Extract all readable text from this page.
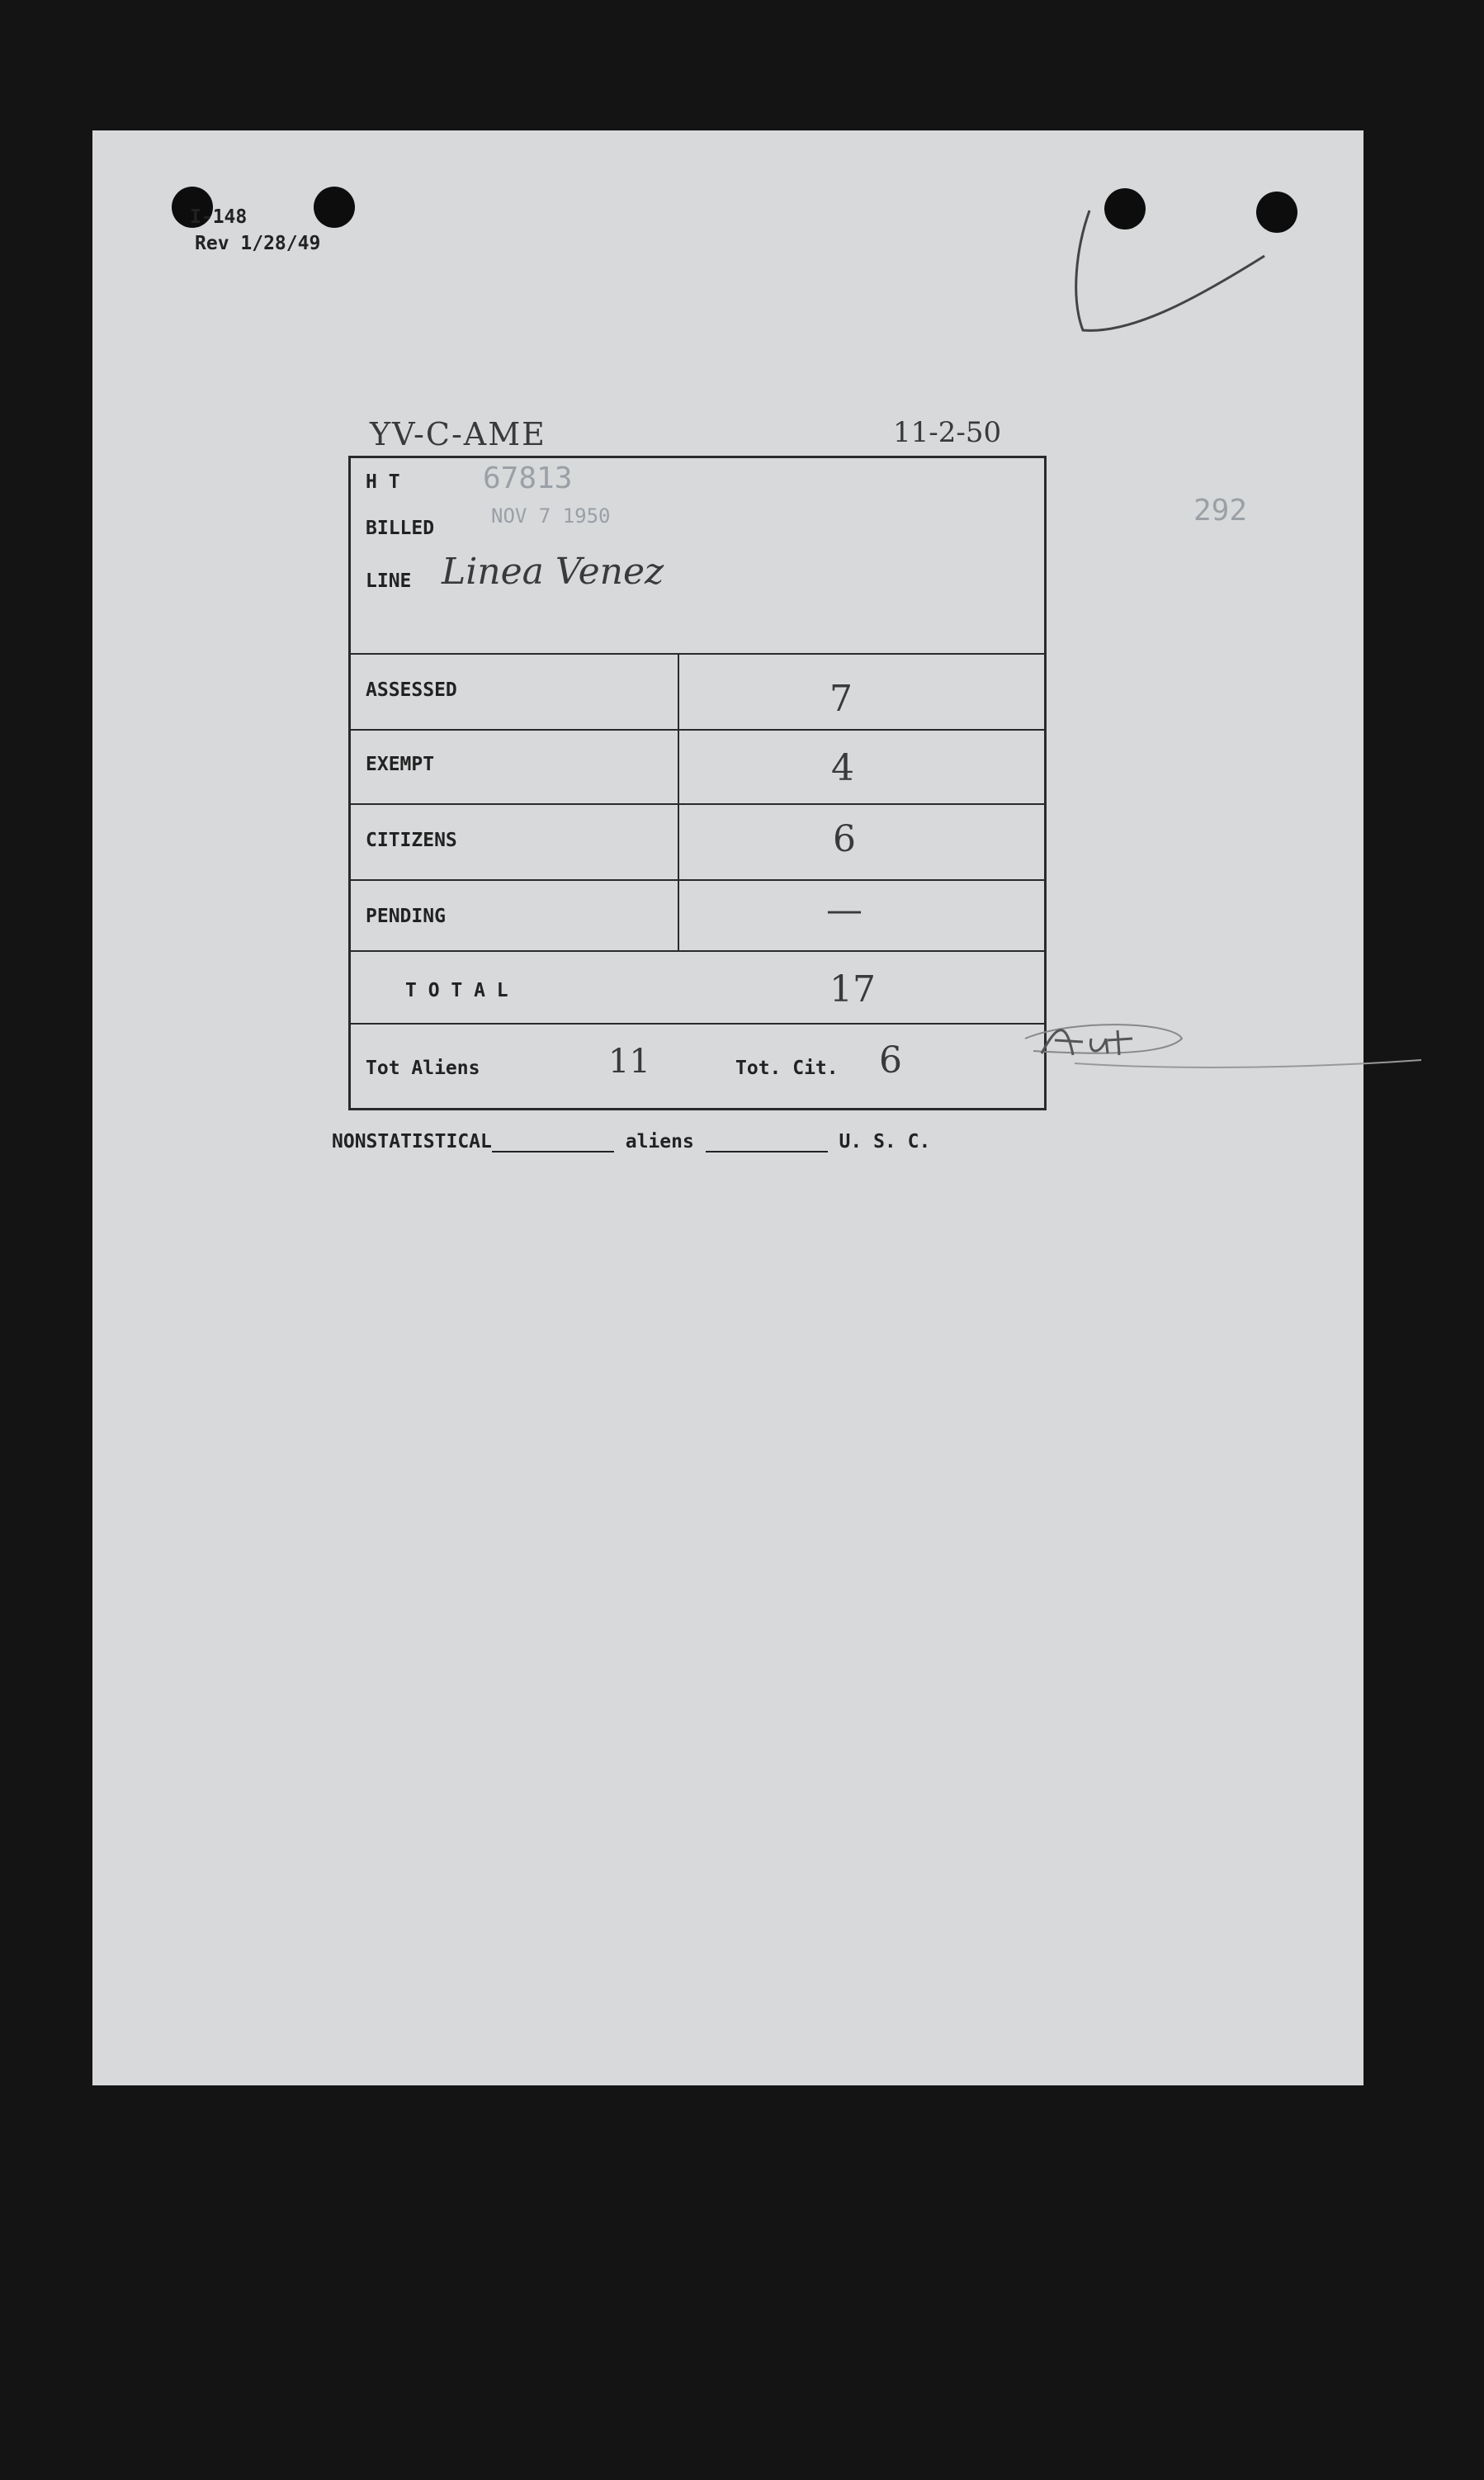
I-148
Rev 1/28/49
YV-C-AME	11-2-50
292
H T	67813
BILLED
NOV 7 1950
LINE Linea Venez
ASSESSED	7
EXEMPT	4
CITIZENS	6
PENDING	—
T O T A L	17
Tot Aliens	11	Tot. Cit. 6
NONSTATISTICAL	aliens	U. S. C.
